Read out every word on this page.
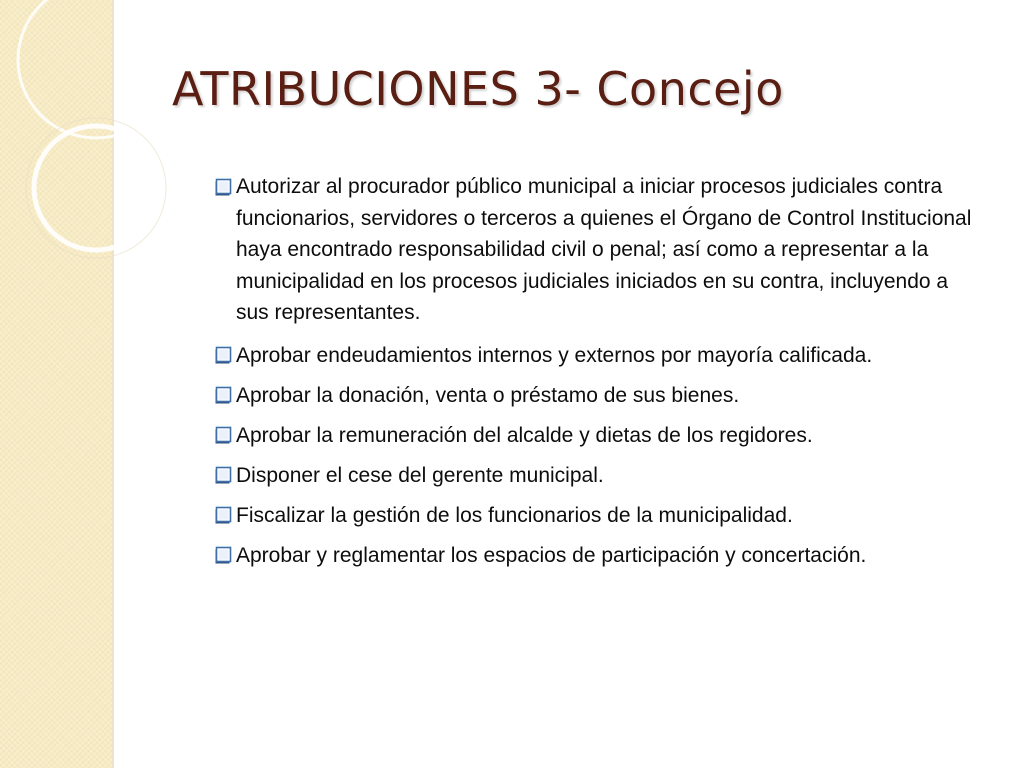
ATRIBUCIONES 3- Concejo
Autorizar al procurador público municipal a iniciar procesos judiciales contra funcionarios, servidores o terceros a quienes el Órgano de Control Institucional haya encontrado responsabilidad civil o penal; así como a representar a la municipalidad en los procesos judiciales iniciados en su contra, incluyendo a sus representantes.
Aprobar endeudamientos internos y externos por mayoría calificada.
Aprobar la donación, venta o préstamo de sus bienes.
Aprobar la remuneración del alcalde y dietas de los regidores.
Disponer el cese del gerente municipal.
Fiscalizar la gestión de los funcionarios de la municipalidad.
Aprobar y reglamentar los espacios de participación y concertación.
